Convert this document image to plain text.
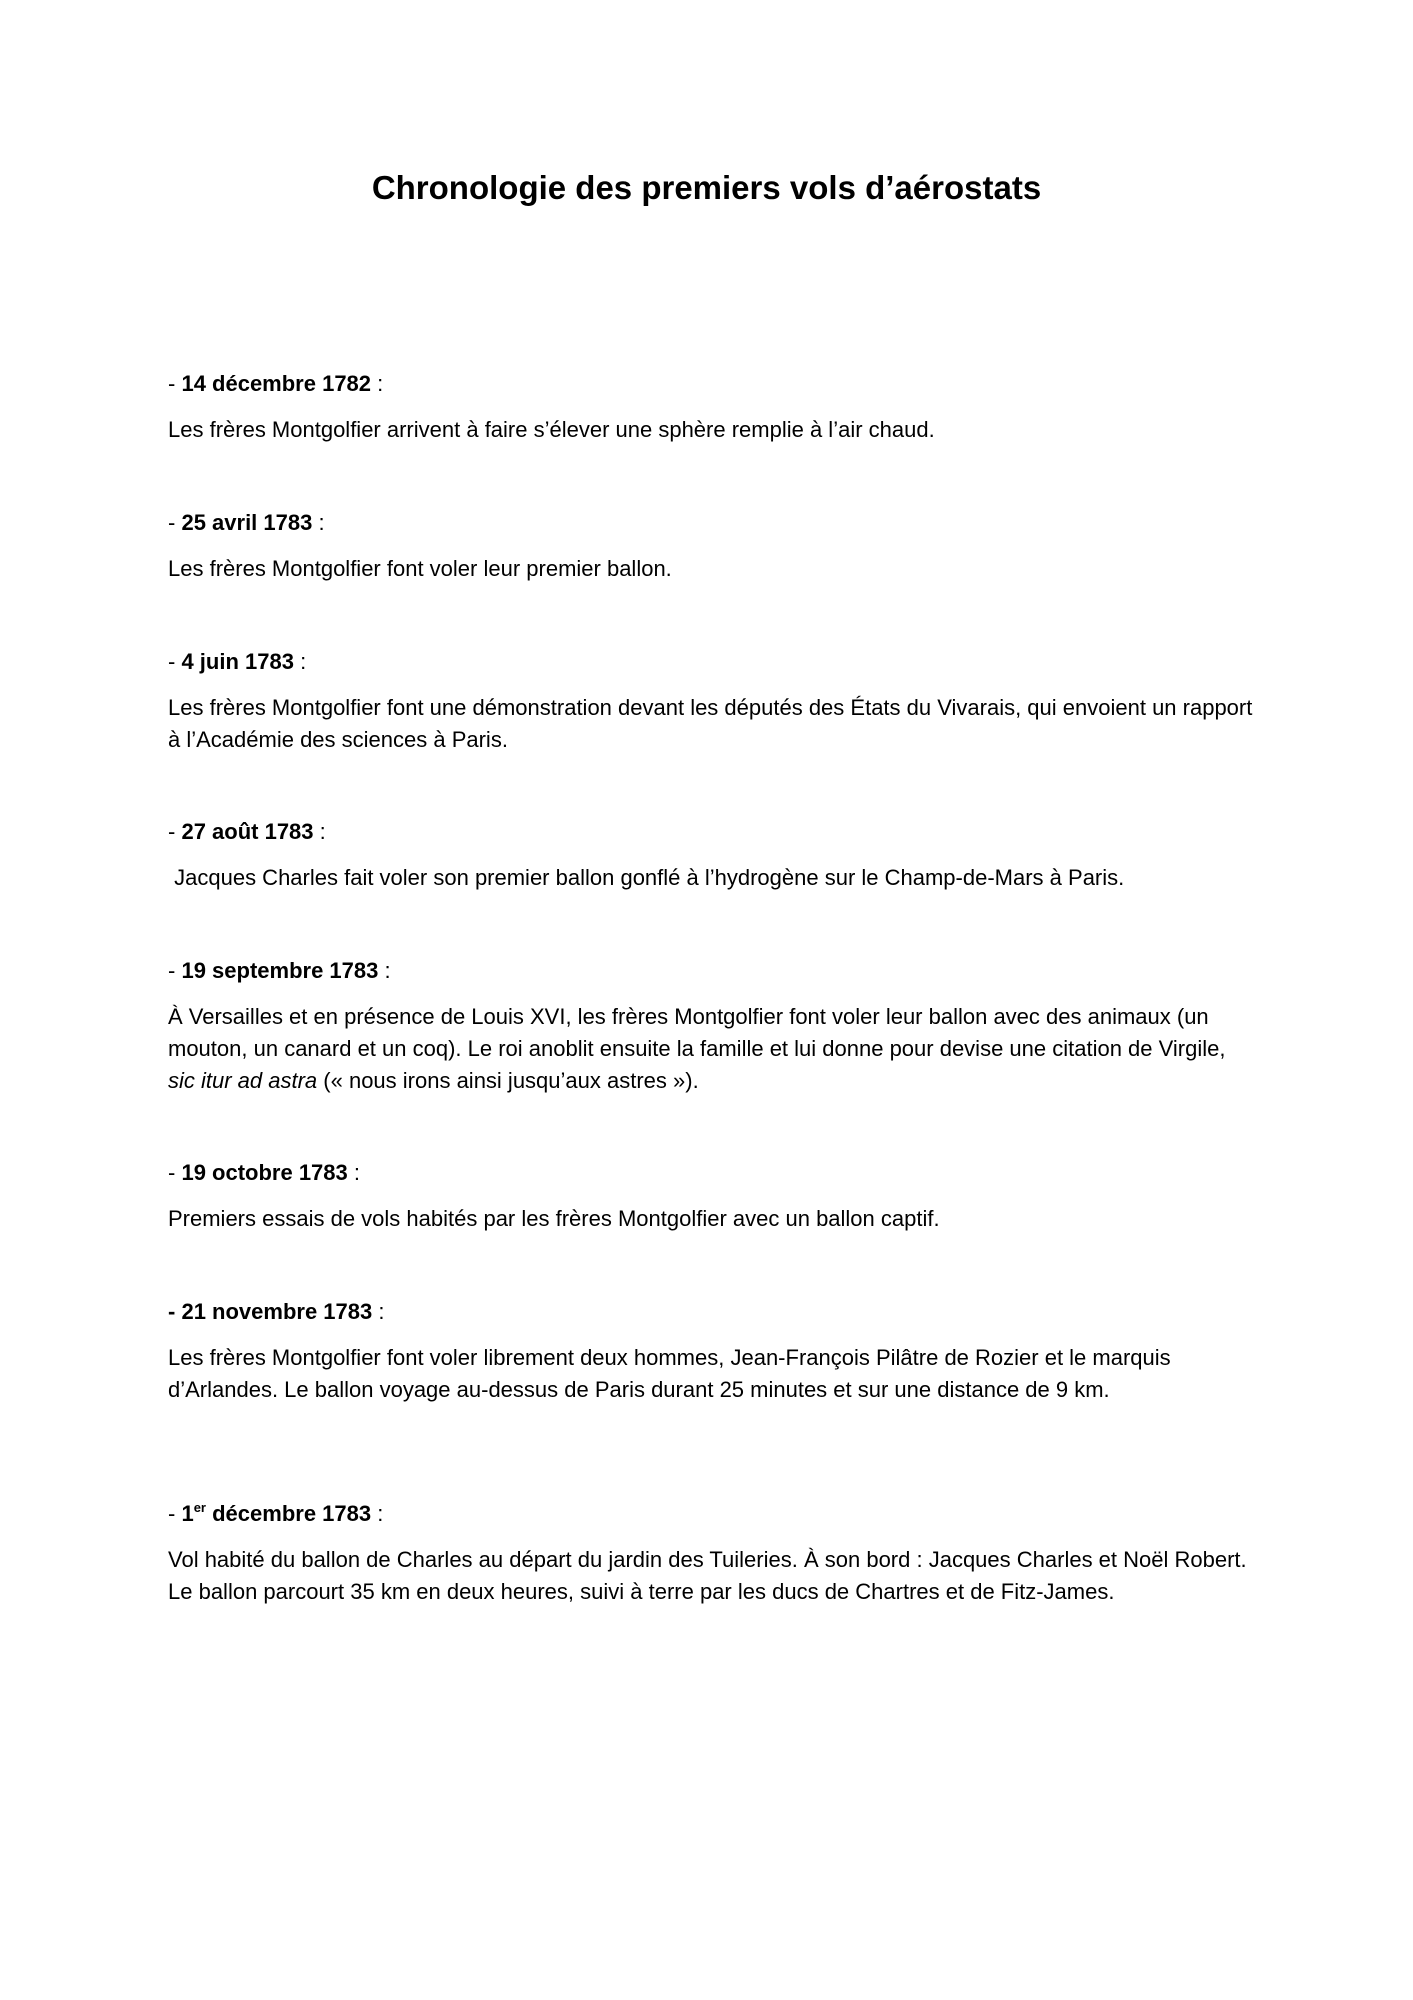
Chronologie des premiers vols d’aérostats

- 14 décembre 1782 :

Les frères Montgolfier arrivent à faire s’élever une sphère remplie à l’air chaud.

- 25 avril 1783 :

Les frères Montgolfier font voler leur premier ballon.

- 4 juin 1783 :

Les frères Montgolfier font une démonstration devant les députés des États du Vivarais, qui envoient un rapport à l’Académie des sciences à Paris.

- 27 août 1783 :

Jacques Charles fait voler son premier ballon gonflé à l’hydrogène sur le Champ-de-Mars à Paris.

- 19 septembre 1783 :

À Versailles et en présence de Louis XVI, les frères Montgolfier font voler leur ballon avec des animaux (un mouton, un canard et un coq). Le roi anoblit ensuite la famille et lui donne pour devise une citation de Virgile, sic itur ad astra (« nous irons ainsi jusqu’aux astres »).

- 19 octobre 1783 :

Premiers essais de vols habités par les frères Montgolfier avec un ballon captif.

- 21 novembre 1783 :

Les frères Montgolfier font voler librement deux hommes, Jean-François Pilâtre de Rozier et le marquis d’Arlandes. Le ballon voyage au-dessus de Paris durant 25 minutes et sur une distance de 9 km.

- 1er décembre 1783 :

Vol habité du ballon de Charles au départ du jardin des Tuileries. À son bord : Jacques Charles et Noël Robert. Le ballon parcourt 35 km en deux heures, suivi à terre par les ducs de Chartres et de Fitz-James.
